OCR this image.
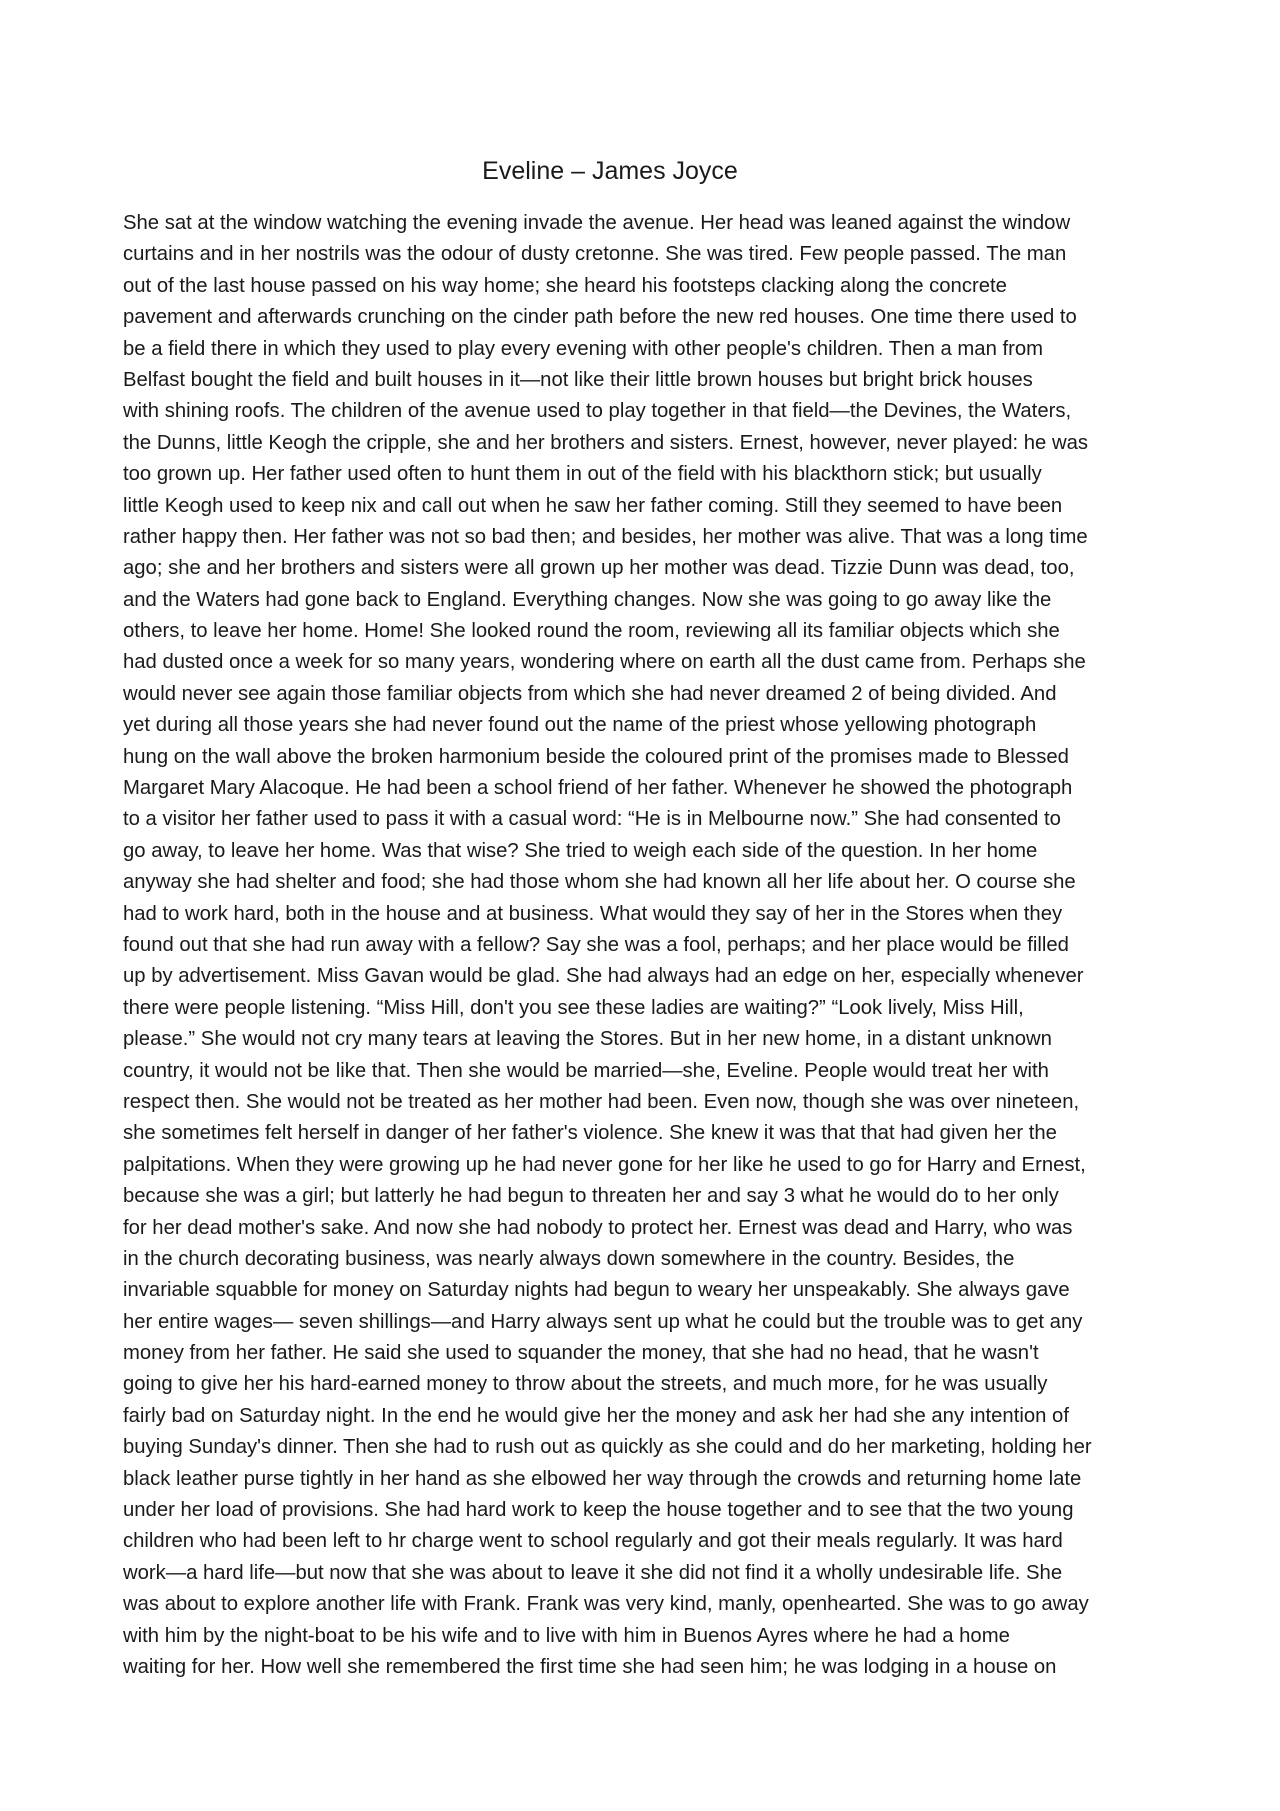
Eveline – James Joyce
She sat at the window watching the evening invade the avenue. Her head was leaned against the window
curtains and in her nostrils was the odour of dusty cretonne. She was tired. Few people passed. The man
out of the last house passed on his way home; she heard his footsteps clacking along the concrete
pavement and afterwards crunching on the cinder path before the new red houses. One time there used to
be a field there in which they used to play every evening with other people's children. Then a man from
Belfast bought the field and built houses in it—not like their little brown houses but bright brick houses
with shining roofs. The children of the avenue used to play together in that field—the Devines, the Waters,
the Dunns, little Keogh the cripple, she and her brothers and sisters. Ernest, however, never played: he was
too grown up. Her father used often to hunt them in out of the field with his blackthorn stick; but usually
little Keogh used to keep nix and call out when he saw her father coming. Still they seemed to have been
rather happy then. Her father was not so bad then; and besides, her mother was alive. That was a long time
ago; she and her brothers and sisters were all grown up her mother was dead. Tizzie Dunn was dead, too,
and the Waters had gone back to England. Everything changes. Now she was going to go away like the
others, to leave her home. Home! She looked round the room, reviewing all its familiar objects which she
had dusted once a week for so many years, wondering where on earth all the dust came from. Perhaps she
would never see again those familiar objects from which she had never dreamed 2 of being divided. And
yet during all those years she had never found out the name of the priest whose yellowing photograph
hung on the wall above the broken harmonium beside the coloured print of the promises made to Blessed
Margaret Mary Alacoque. He had been a school friend of her father. Whenever he showed the photograph
to a visitor her father used to pass it with a casual word: “He is in Melbourne now.” She had consented to
go away, to leave her home. Was that wise? She tried to weigh each side of the question. In her home
anyway she had shelter and food; she had those whom she had known all her life about her. O course she
had to work hard, both in the house and at business. What would they say of her in the Stores when they
found out that she had run away with a fellow? Say she was a fool, perhaps; and her place would be filled
up by advertisement. Miss Gavan would be glad. She had always had an edge on her, especially whenever
there were people listening. “Miss Hill, don't you see these ladies are waiting?” “Look lively, Miss Hill,
please.” She would not cry many tears at leaving the Stores. But in her new home, in a distant unknown
country, it would not be like that. Then she would be married—she, Eveline. People would treat her with
respect then. She would not be treated as her mother had been. Even now, though she was over nineteen,
she sometimes felt herself in danger of her father's violence. She knew it was that that had given her the
palpitations. When they were growing up he had never gone for her like he used to go for Harry and Ernest,
because she was a girl; but latterly he had begun to threaten her and say 3 what he would do to her only
for her dead mother's sake. And now she had nobody to protect her. Ernest was dead and Harry, who was
in the church decorating business, was nearly always down somewhere in the country. Besides, the
invariable squabble for money on Saturday nights had begun to weary her unspeakably. She always gave
her entire wages— seven shillings—and Harry always sent up what he could but the trouble was to get any
money from her father. He said she used to squander the money, that she had no head, that he wasn't
going to give her his hard-earned money to throw about the streets, and much more, for he was usually
fairly bad on Saturday night. In the end he would give her the money and ask her had she any intention of
buying Sunday's dinner. Then she had to rush out as quickly as she could and do her marketing, holding her
black leather purse tightly in her hand as she elbowed her way through the crowds and returning home late
under her load of provisions. She had hard work to keep the house together and to see that the two young
children who had been left to hr charge went to school regularly and got their meals regularly. It was hard
work—a hard life—but now that she was about to leave it she did not find it a wholly undesirable life. She
was about to explore another life with Frank. Frank was very kind, manly, openhearted. She was to go away
with him by the night-boat to be his wife and to live with him in Buenos Ayres where he had a home
waiting for her. How well she remembered the first time she had seen him; he was lodging in a house on
